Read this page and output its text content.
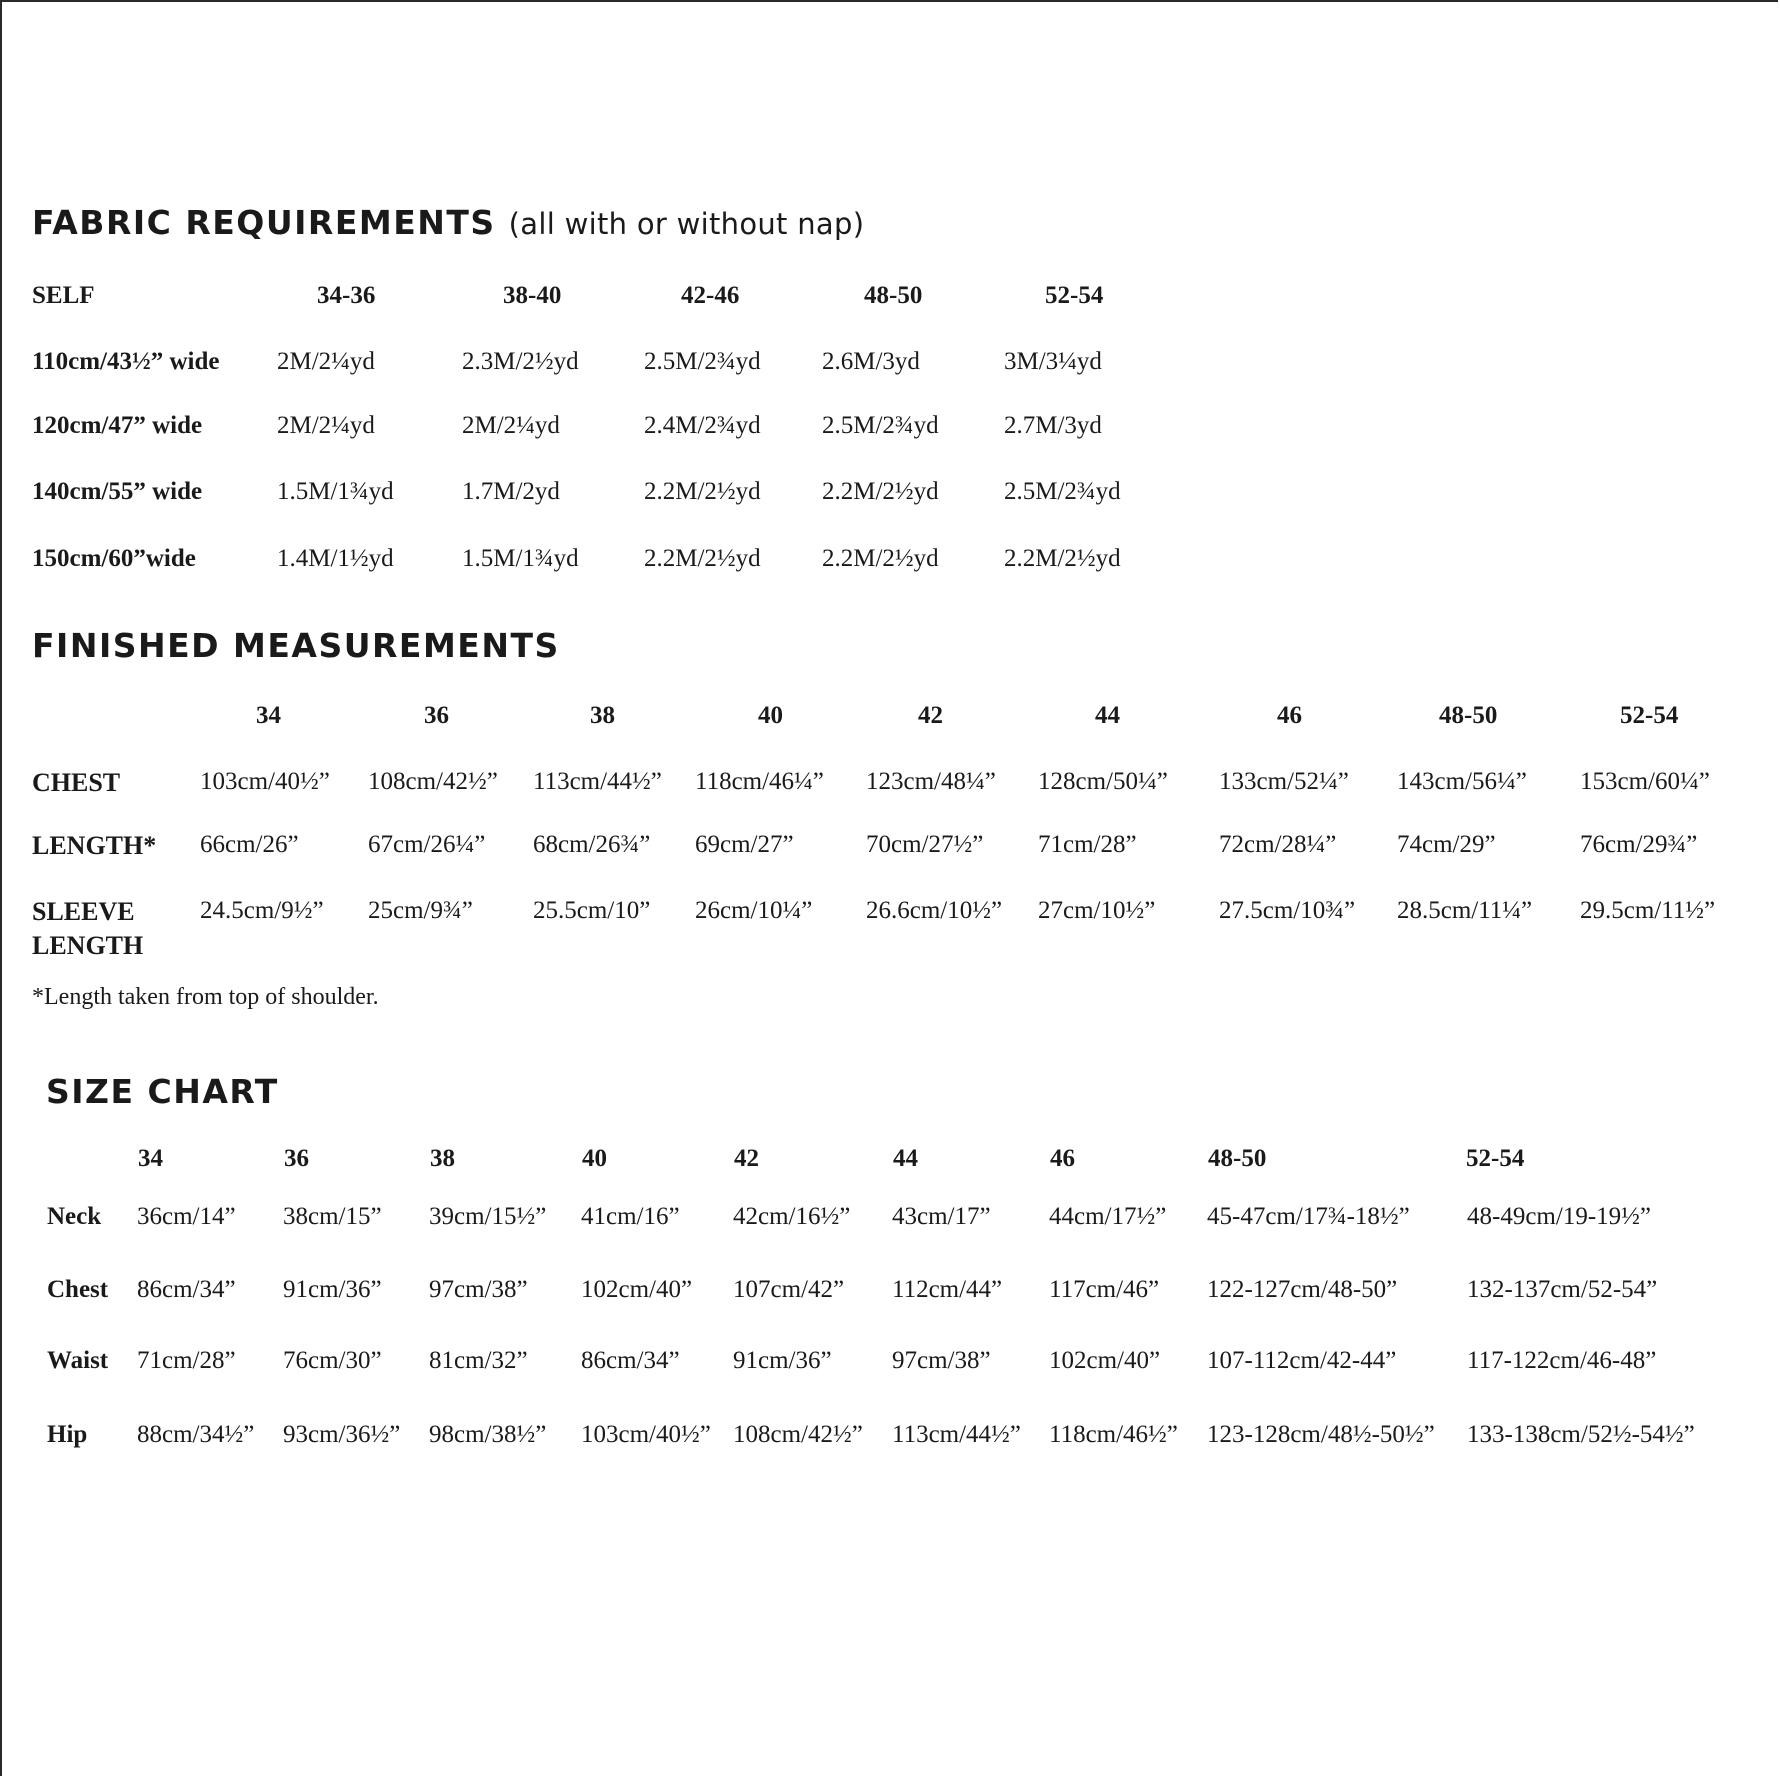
FABRIC REQUIREMENTS (all with or without nap)
SELF	34-36	38-40	42-46	48-50	52-54
110cm/43½” wide 2M/2¼yd	2.3M/2½yd	2.5M/2¾yd 2.6M/3yd	3M/3¼yd
120cm/47” wide	2M/2¼yd	2M/2¼yd	2.4M/2¾yd 2.5M/2¾yd	2.7M/3yd
140cm/55” wide	1.5M/1¾yd	1.7M/2yd	2.2M/2½yd 2.2M/2½yd	2.5M/2¾yd
150cm/60”wide	1.4M/1½yd	1.5M/1¾yd	2.2M/2½yd 2.2M/2½yd	2.2M/2½yd
FINISHED MEASUREMENTS
34	36	38	40	42	44	46	48-50	52-54
CHEST	103cm/40½” 108cm/42½” 113cm/44½” 118cm/46¼” 123cm/48¼” 128cm/50¼” 133cm/52¼” 143cm/56¼” 153cm/60¼”
LENGTH* 66cm/26”	67cm/26¼” 68cm/26¾” 69cm/27”	70cm/27½” 71cm/28”	72cm/28¼” 74cm/29”	76cm/29¾”
SLEEVE
LENGTH
24.5cm/9½” 25cm/9¾” 25.5cm/10” 26cm/10¼” 26.6cm/10½” 27cm/10½”	27.5cm/10¾” 28.5cm/11¼” 29.5cm/11½”
*Length taken from top of shoulder.
SIZE CHART
34	36	38	40	42	44	46	48-50	52-54
Neck 36cm/14” 38cm/15” 39cm/15½” 41cm/16” 42cm/16½” 43cm/17” 44cm/17½” 45-47cm/17¾-18½” 48-49cm/19-19½”
Chest 86cm/34” 91cm/36” 97cm/38” 102cm/40” 107cm/42” 112cm/44” 117cm/46” 122-127cm/48-50”	132-137cm/52-54”
Waist 71cm/28” 76cm/30” 81cm/32” 86cm/34” 91cm/36” 97cm/38” 102cm/40” 107-112cm/42-44”	117-122cm/46-48”
Hip 88cm/34½” 93cm/36½” 98cm/38½” 103cm/40½” 108cm/42½” 113cm/44½” 118cm/46½” 123-128cm/48½-50½” 133-138cm/52½-54½”
